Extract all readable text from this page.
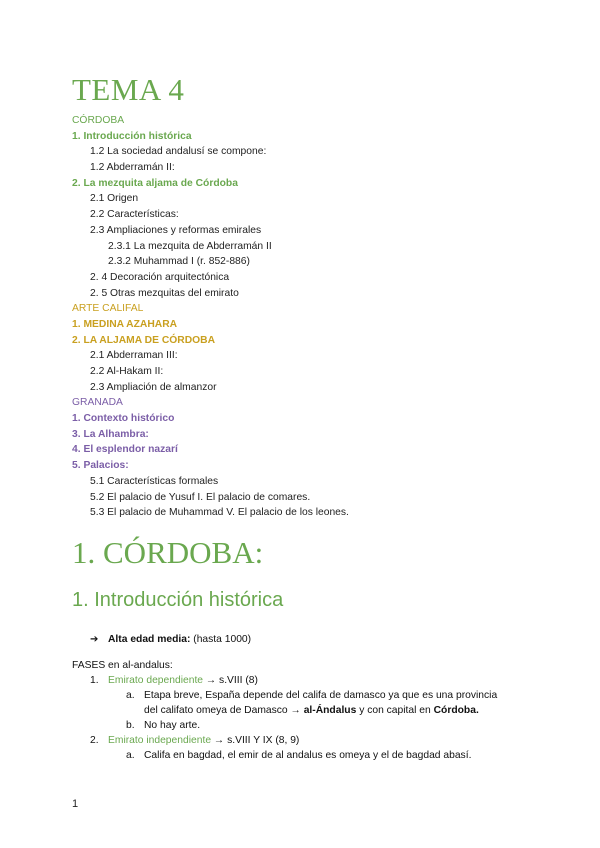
TEMA 4
CÓRDOBA
1. Introducción histórica
1.2 La sociedad andalusí se compone:
1.2 Abderramán II:
2. La mezquita aljama de Córdoba
2.1 Origen
2.2 Características:
2.3 Ampliaciones y reformas emirales
2.3.1 La mezquita de Abderramán II
2.3.2 Muhammad I (r. 852-886)
2. 4 Decoración arquitectónica
2. 5 Otras mezquitas del emirato
ARTE CALIFAL
1. MEDINA AZAHARA
2. LA ALJAMA DE CÓRDOBA
2.1 Abderraman III:
2.2 Al-Hakam II:
2.3 Ampliación de almanzor
GRANADA
1. Contexto histórico
3. La Alhambra:
4. El esplendor nazarí
5. Palacios:
5.1 Características formales
5.2 El palacio de Yusuf I. El palacio de comares.
5.3 El palacio de Muhammad V. El palacio de los leones.
1. CÓRDOBA:
1. Introducción histórica
➔ Alta edad media: (hasta 1000)
FASES en al-andalus:
1. Emirato dependiente → s.VIII (8)
a. Etapa breve, España depende del califa de damasco ya que es una provincia
del califato omeya de Damasco → al-Ándalus y con capital en Córdoba.
b. No hay arte.
2. Emirato independiente → s.VIII Y IX (8, 9)
a. Califa en bagdad, el emir de al andalus es omeya y el de bagdad abasí.
1
